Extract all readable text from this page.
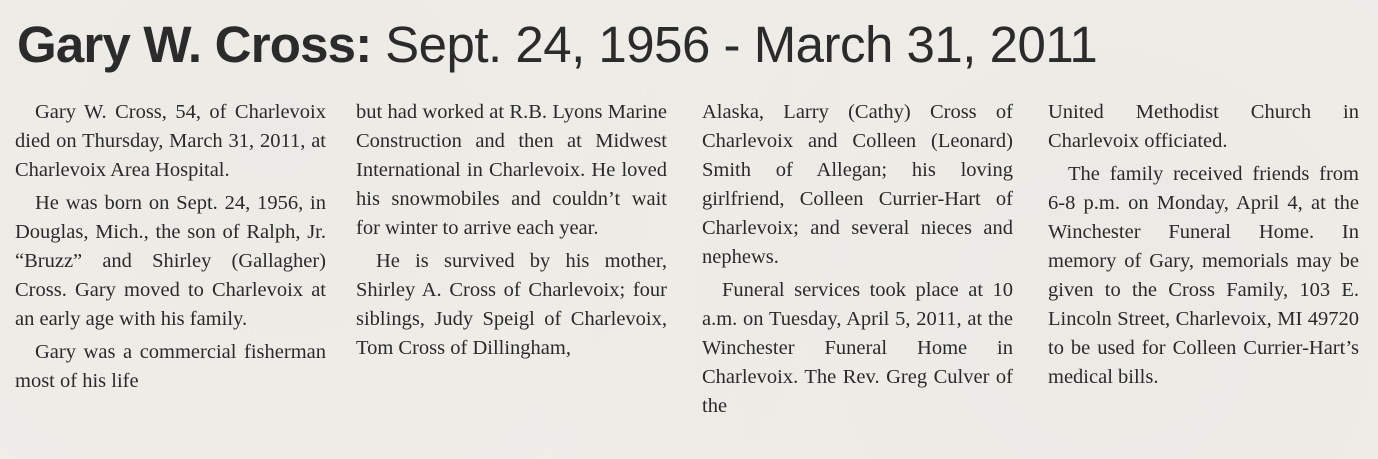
Gary W. Cross: Sept. 24, 1956 - March 31, 2011

Gary W. Cross, 54, of Charlevoix died on Thursday, March 31, 2011, at Charlevoix Area Hospital.

He was born on Sept. 24, 1956, in Douglas, Mich., the son of Ralph, Jr. “Bruzz” and Shirley (Gallagher) Cross. Gary moved to Charlevoix at an early age with his family.

Gary was a commercial fisherman most of his life

but had worked at R.B. Lyons Marine Construction and then at Midwest International in Charlevoix. He loved his snowmobiles and couldn’t wait for winter to arrive each year.

He is survived by his mother, Shirley A. Cross of Charlevoix; four siblings, Judy Speigl of Charlevoix, Tom Cross of Dillingham,

Alaska, Larry (Cathy) Cross of Charlevoix and Colleen (Leonard) Smith of Allegan; his loving girlfriend, Colleen Currier-Hart of Charlevoix; and several nieces and nephews.

Funeral services took place at 10 a.m. on Tuesday, April 5, 2011, at the Winchester Funeral Home in Charlevoix. The Rev. Greg Culver of the

United Methodist Church in Charlevoix officiated.

The family received friends from 6-8 p.m. on Monday, April 4, at the Winchester Funeral Home. In memory of Gary, memorials may be given to the Cross Family, 103 E. Lincoln Street, Charlevoix, MI 49720 to be used for Colleen Currier-Hart’s medical bills.
